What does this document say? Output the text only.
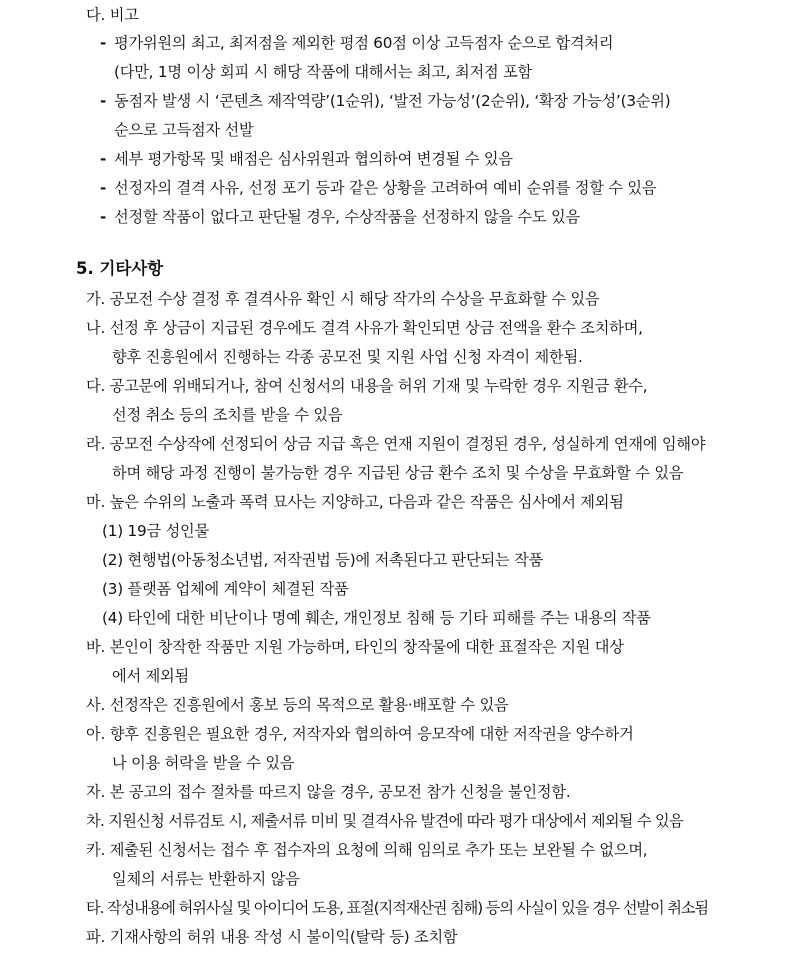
다. 비고
- 평가위원의 최고, 최저점을 제외한 평점 60점 이상 고득점자 순으로 합격처리
(다만, 1명 이상 회피 시 해당 작품에 대해서는 최고, 최저점 포함
- 동점자 발생 시 ‘콘텐츠 제작역량’(1순위), ‘발전 가능성’(2순위), ‘확장 가능성’(3순위)
순으로 고득점자 선발
- 세부 평가항목 및 배점은 심사위원과 협의하여 변경될 수 있음
- 선정자의 결격 사유, 선정 포기 등과 같은 상황을 고려하여 예비 순위를 정할 수 있음
- 선정할 작품이 없다고 판단될 경우, 수상작품을 선정하지 않을 수도 있음
5. 기타사항
가. 공모전 수상 결정 후 결격사유 확인 시 해당 작가의 수상을 무효화할 수 있음
나. 선정 후 상금이 지급된 경우에도 결격 사유가 확인되면 상금 전액을 환수 조치하며,
향후 진흥원에서 진행하는 각종 공모전 및 지원 사업 신청 자격이 제한됨.
다. 공고문에 위배되거나, 참여 신청서의 내용을 허위 기재 및 누락한 경우 지원금 환수,
선정 취소 등의 조치를 받을 수 있음
라. 공모전 수상작에 선정되어 상금 지급 혹은 연재 지원이 결정된 경우, 성실하게 연재에 임해야
하며 해당 과정 진행이 불가능한 경우 지급된 상금 환수 조치 및 수상을 무효화할 수 있음
마. 높은 수위의 노출과 폭력 묘사는 지양하고, 다음과 같은 작품은 심사에서 제외됨
(1) 19금 성인물
(2) 현행법(아동청소년법, 저작권법 등)에 저촉된다고 판단되는 작품
(3) 플랫폼 업체에 계약이 체결된 작품
(4) 타인에 대한 비난이나 명예 훼손, 개인정보 침해 등 기타 피해를 주는 내용의 작품
바. 본인이 창작한 작품만 지원 가능하며, 타인의 창작물에 대한 표절작은 지원 대상
에서 제외됨
사. 선정작은 진흥원에서 홍보 등의 목적으로 활용·배포할 수 있음
아. 향후 진흥원은 필요한 경우, 저작자와 협의하여 응모작에 대한 저작권을 양수하거
나 이용 허락을 받을 수 있음
자. 본 공고의 접수 절차를 따르지 않을 경우, 공모전 참가 신청을 불인정함.
차. 지원신청 서류검토 시, 제출서류 미비 및 결격사유 발견에 따라 평가 대상에서 제외될 수 있음
카. 제출된 신청서는 접수 후 접수자의 요청에 의해 임의로 추가 또는 보완될 수 없으며,
일체의 서류는 반환하지 않음
타. 작성내용에 허위사실 및 아이디어 도용, 표절(지적재산권 침해) 등의 사실이 있을 경우 선발이 취소됨
파. 기재사항의 허위 내용 작성 시 불이익(탈락 등) 조치함
